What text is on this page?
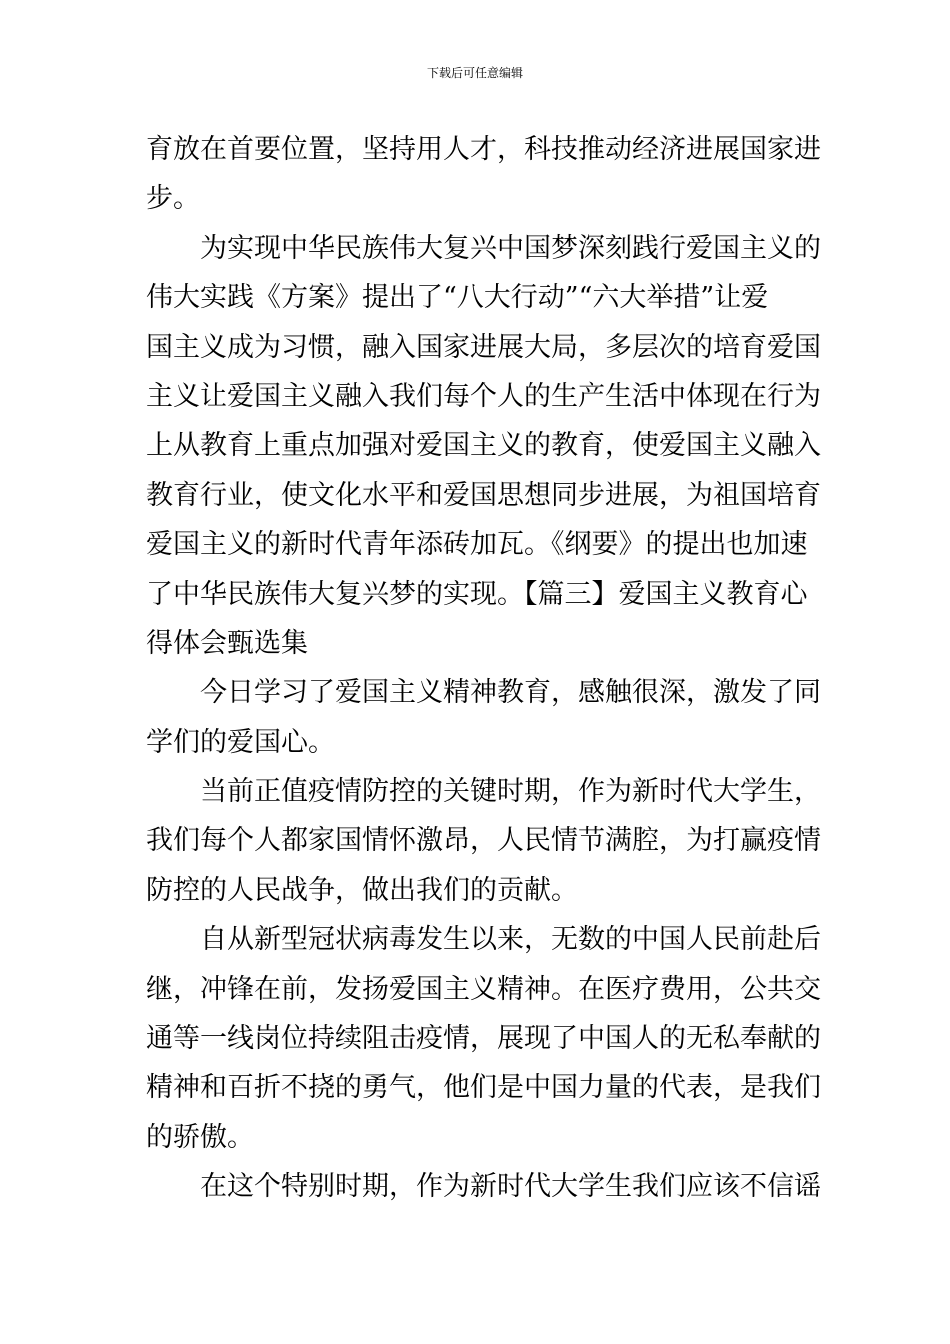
下载后可任意编辑
育放在首要位置，坚持用人才，科技推动经济进展国家进
步。
为实现中华民族伟大复兴中国梦深刻践行爱国主义的
伟大实践《方案》提出了“八大行动”“六大举措”让爱
国主义成为习惯，融入国家进展大局，多层次的培育爱国
主义让爱国主义融入我们每个人的生产生活中体现在行为
上从教育上重点加强对爱国主义的教育，使爱国主义融入
教育行业，使文化水平和爱国思想同步进展，为祖国培育
爱国主义的新时代青年添砖加瓦。《纲要》的提出也加速
了中华民族伟大复兴梦的实现。【篇三】爱国主义教育心
得体会甄选集
今日学习了爱国主义精神教育，感触很深，激发了同
学们的爱国心。
当前正值疫情防控的关键时期，作为新时代大学生，
我们每个人都家国情怀激昂，人民情节满腔，为打赢疫情
防控的人民战争，做出我们的贡献。
自从新型冠状病毒发生以来，无数的中国人民前赴后
继，冲锋在前，发扬爱国主义精神。在医疗费用，公共交
通等一线岗位持续阻击疫情，展现了中国人的无私奉献的
精神和百折不挠的勇气，他们是中国力量的代表，是我们
的骄傲。
在这个特别时期，作为新时代大学生我们应该不信谣
